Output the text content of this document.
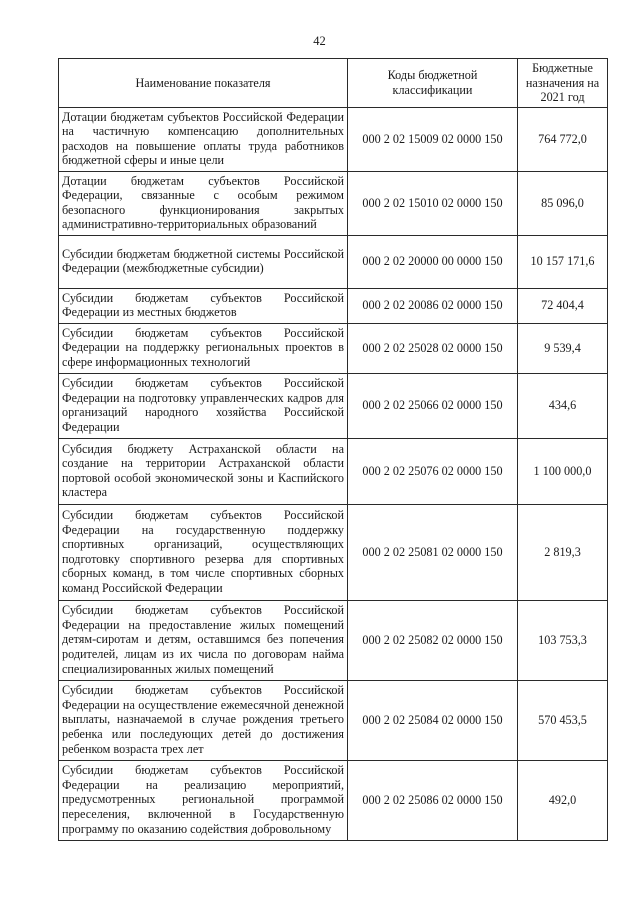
42
Наименование показателя	Коды бюджетной классификации	Бюджетные назначения на 2021 год
Дотации бюджетам субъектов Российской Федерации на частичную компенсацию дополнительных расходов на повышение оплаты труда работников бюджетной сферы и иные цели	000 2 02 15009 02 0000 150	764 772,0
Дотации бюджетам субъектов Российской Федерации, связанные с особым режимом безопасного функционирования закрытых административно-территориальных образований	000 2 02 15010 02 0000 150	85 096,0
Субсидии бюджетам бюджетной системы Российской Федерации (межбюджетные субсидии)	000 2 02 20000 00 0000 150	10 157 171,6
Субсидии бюджетам субъектов Российской Федерации из местных бюджетов	000 2 02 20086 02 0000 150	72 404,4
Субсидии бюджетам субъектов Российской Федерации на поддержку региональных проектов в сфере информационных технологий	000 2 02 25028 02 0000 150	9 539,4
Субсидии бюджетам субъектов Российской Федерации на подготовку управленческих кадров для организаций народного хозяйства Российской Федерации	000 2 02 25066 02 0000 150	434,6
Субсидия бюджету Астраханской области на создание на территории Астраханской области портовой особой экономической зоны и Каспийского кластера	000 2 02 25076 02 0000 150	1 100 000,0
Субсидии бюджетам субъектов Российской Федерации на государственную поддержку спортивных организаций, осуществляющих подготовку спортивного резерва для спортивных сборных команд, в том числе спортивных сборных команд Российской Федерации	000 2 02 25081 02 0000 150	2 819,3
Субсидии бюджетам субъектов Российской Федерации на предоставление жилых помещений детям-сиротам и детям, оставшимся без попечения родителей, лицам из их числа по договорам найма специализированных жилых помещений	000 2 02 25082 02 0000 150	103 753,3
Субсидии бюджетам субъектов Российской Федерации на осуществление ежемесячной денежной выплаты, назначаемой в случае рождения третьего ребенка или последующих детей до достижения ребенком возраста трех лет	000 2 02 25084 02 0000 150	570 453,5
Субсидии бюджетам субъектов Российской Федерации на реализацию мероприятий, предусмотренных региональной программой переселения, включенной в Государственную программу по оказанию содействия добровольному	000 2 02 25086 02 0000 150	492,0
